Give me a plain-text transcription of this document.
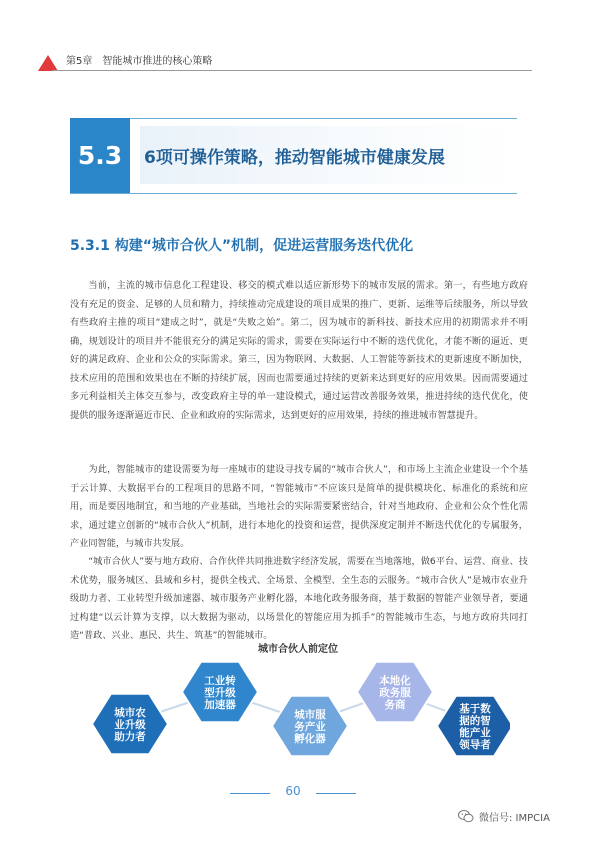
第5章　智能城市推进的核心策略
5.3	6项可操作策略，推动智能城市健康发展
5.3.1 构建“城市合伙人”机制，促进运营服务迭代优化

当前，主流的城市信息化工程建设、移交的模式难以适应新形势下的城市发展的需求。第一，有些地方政府没有充足的资金、足够的人员和精力，持续推动完成建设的项目成果的推广、更新、运维等后续服务，所以导致有些政府主推的项目“建成之时”，就是“失败之始”。第二，因为城市的新科技、新技术应用的初期需求并不明确，规划设计的项目并不能很充分的满足实际的需求，需要在实际运行中不断的迭代优化，才能不断的逼近、更好的满足政府、企业和公众的实际需求。第三，因为物联网、大数据、人工智能等新技术的更新速度不断加快，技术应用的范围和效果也在不断的持续扩展，因而也需要通过持续的更新来达到更好的应用效果。因而需要通过多元利益相关主体交互参与，改变政府主导的单一建设模式，通过运营改善服务效果，推进持续的迭代优化，使提供的服务逐渐逼近市民、企业和政府的实际需求，达到更好的应用效果，持续的推进城市智慧提升。

为此，智能城市的建设需要为每一座城市的建设寻找专属的“城市合伙人”，和市场上主流企业建设一个个基于云计算、大数据平台的工程项目的思路不同，“智能城市”不应该只是简单的提供模块化、标准化的系统和应用，而是要因地制宜，和当地的产业基础，当地社会的实际需要紧密结合，针对当地政府、企业和公众个性化需求，通过建立创新的“城市合伙人”机制，进行本地化的投资和运营，提供深度定制并不断迭代优化的专属服务，产业同智能，与城市共发展。

“城市合伙人”要与地方政府、合作伙伴共同推进数字经济发展，需要在当地落地，做6平台、运营、商业、技术优势，服务城区、县域和乡村，提供全栈式、全场景、全模型、全生态的云服务。“城市合伙人”是城市农业升级助力者、工业转型升级加速器、城市服务产业孵化器，本地化政务服务商，基于数据的智能产业领导者，要通过构建“以云计算为支撑，以大数据为驱动，以场景化的智能应用为抓手”的智能城市生态，与地方政府共同打造“普政、兴业、惠民、共生、筑基”的智能城市。

城市合伙人前定位
城市农
业升级
助力者
工业转
型升级
加速器
城市服
务产业
孵化器
本地化
政务服
务商	基于数
据的智
能产业
领导者
60
微信号: IMPCIA
